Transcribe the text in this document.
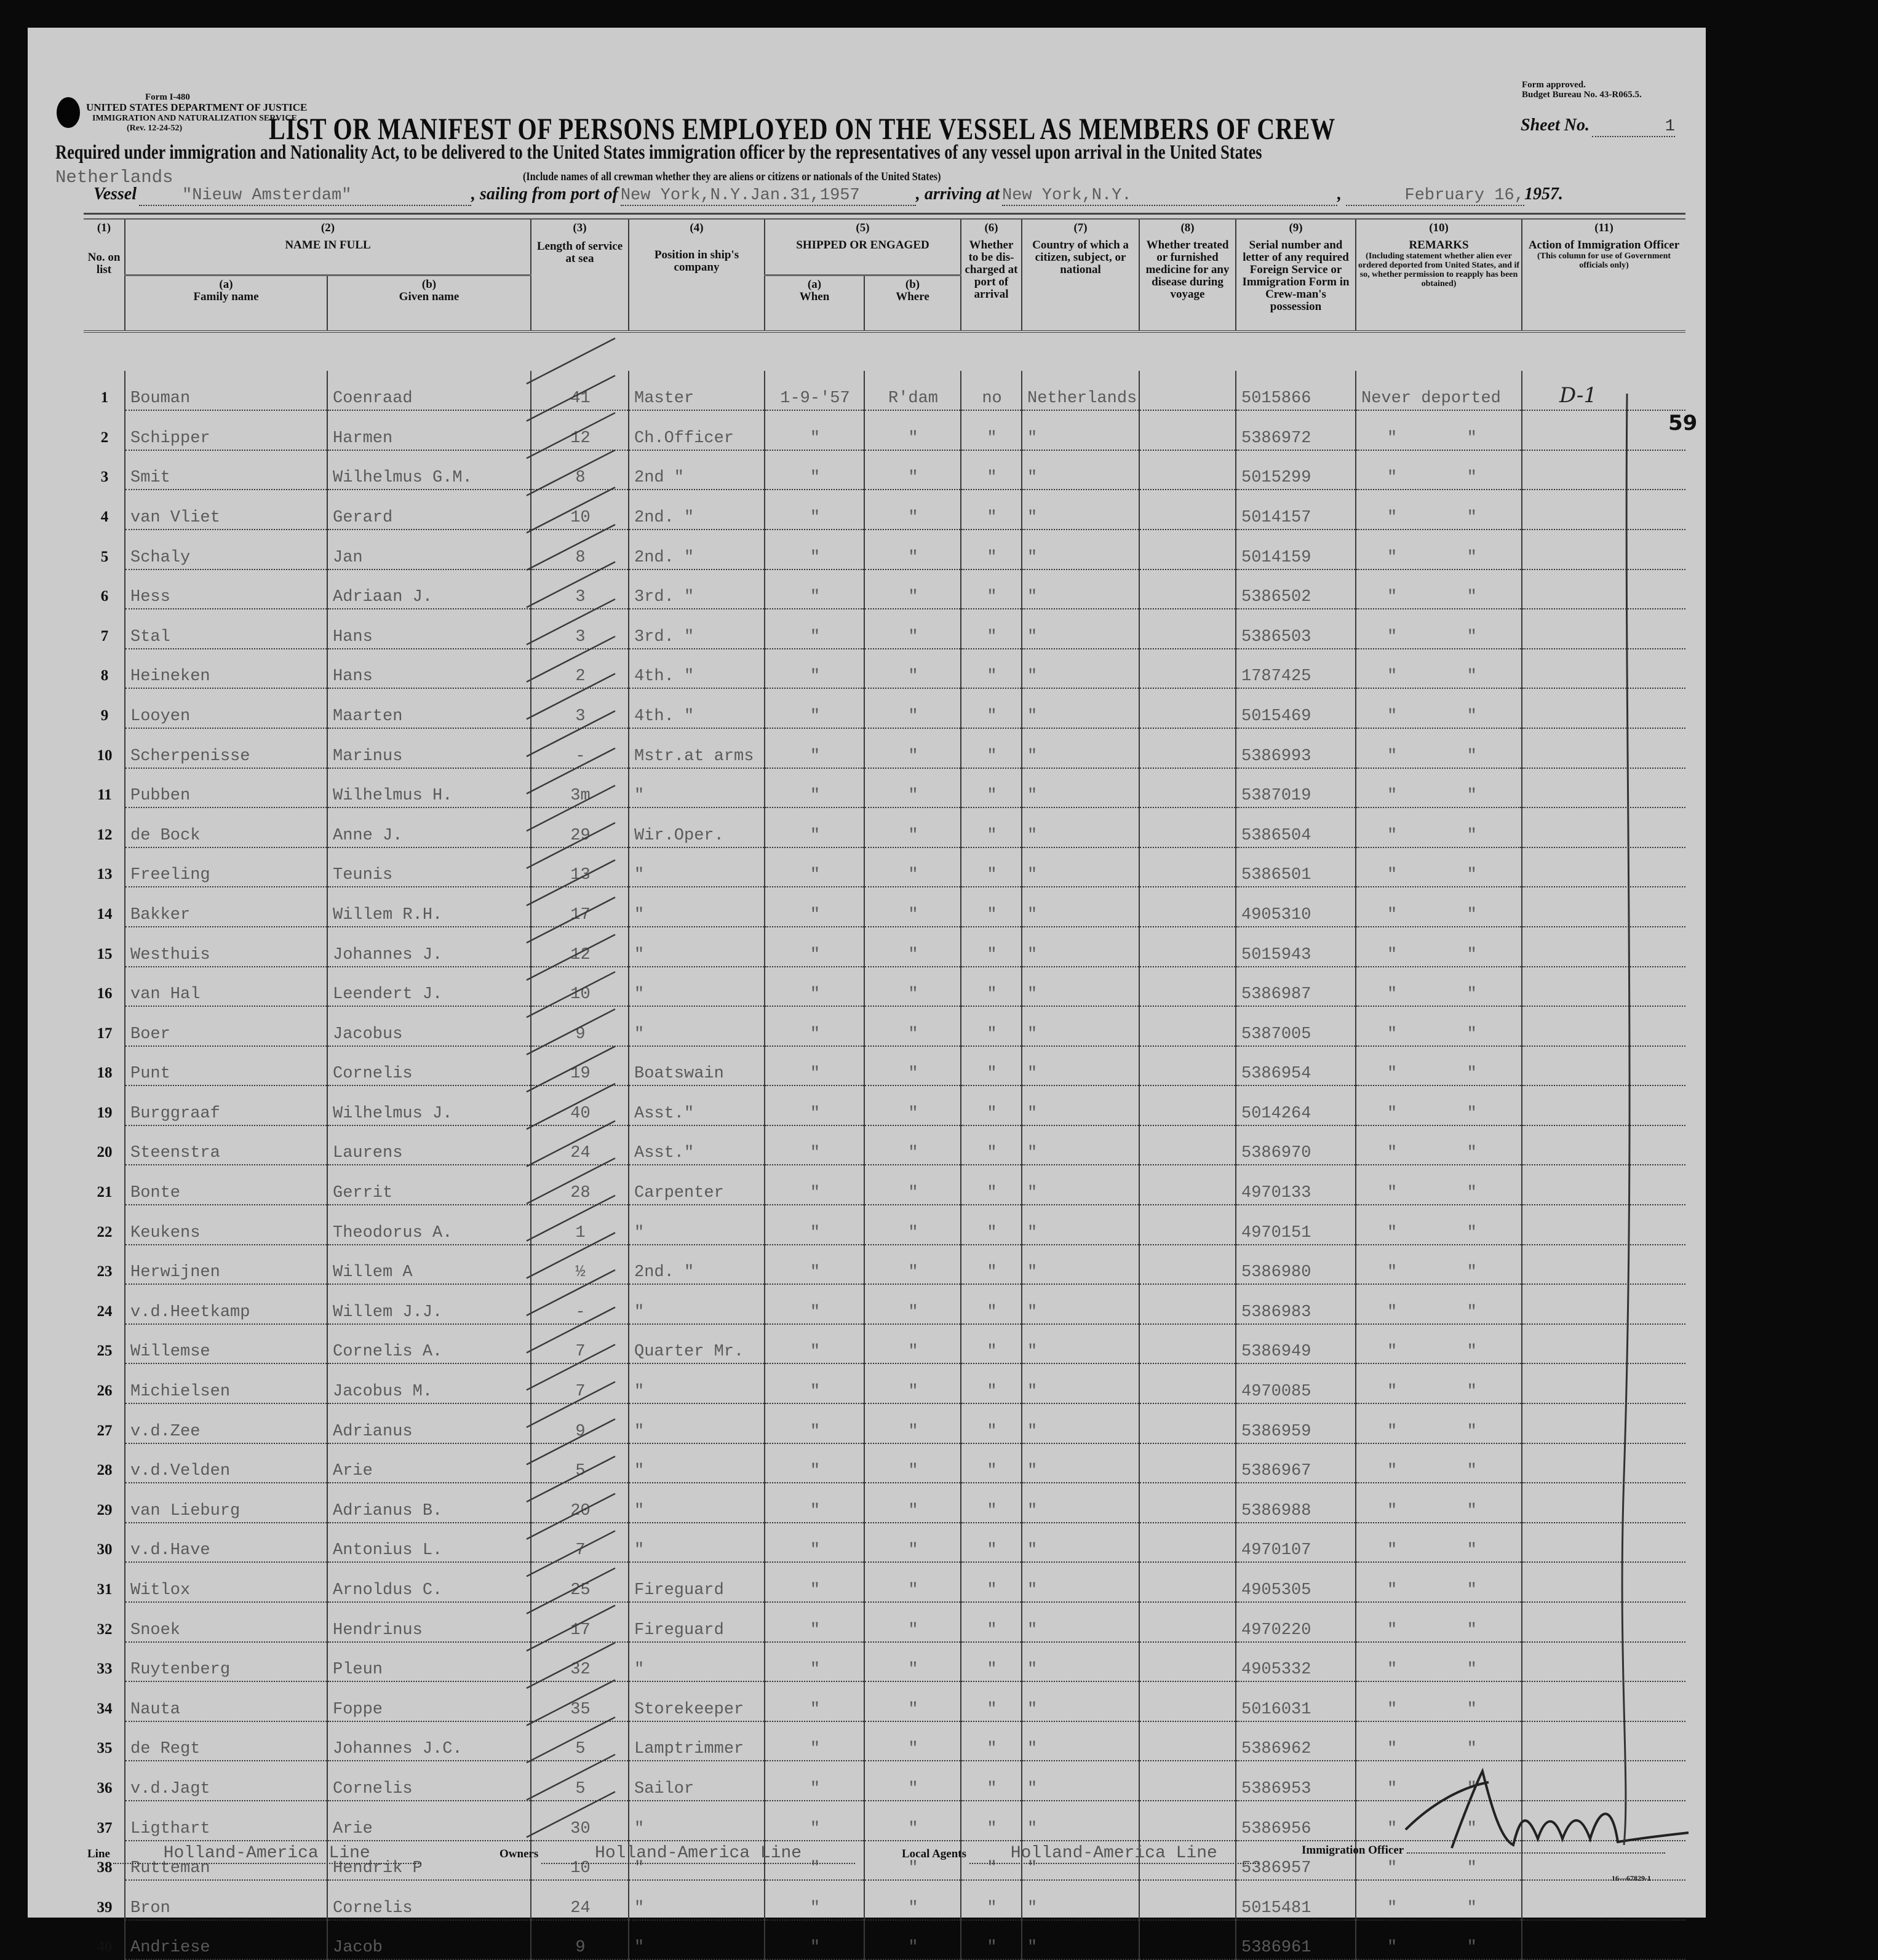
Form I-480
UNITED STATES DEPARTMENT OF JUSTICE
IMMIGRATION AND NATURALIZATION SERVICE
(Rev. 12-24-52)
Form approved.
Budget Bureau No. 43-R065.5.
LIST OR MANIFEST OF PERSONS EMPLOYED ON THE VESSEL AS MEMBERS OF CREW	Sheet No.	1
Required under immigration and Nationality Act, to be delivered to the United States immigration officer by the representatives of any vessel upon arrival in the United States
Netherlands	(Include names of all crewman whether they are aliens or citizens or nationals of the United States)
Vessel	"Nieuw Amsterdam"	, sailing from port of New York,N.Y.Jan.31,1957	, arriving at New York,N.Y.	,	February 16,1957.
(1)
No. on list	(2)
NAME IN FULL		(3)
Length of service at sea	(4)
Position in ship's company	(5)
SHIPPED OR ENGAGED		(6)
Whether to be dis-charged at port of arrival	(7)
Country of which a citizen, subject, or national	(8)
Whether treated or furnished medicine for any disease during voyage	(9)
Serial number and letter of any required Foreign Service or Immigration Form in Crew-man's possession	(10)
REMARKS
(Including statement whether alien ever ordered deported from United States, and if so, whether permission to reapply has been obtained)	(11)
Action of Immigration Officer
(This column for use of Government officials only)

	(a)
Family name	(b)
Given name			(a)
When	(b)
Where						

1	Bouman	Coenraad	41	Master	1-9-'57	R'dam	no	Netherlands		5015866	Never deported	D-1
2	Schipper	Harmen	12	Ch.Officer	"	"	"	"		5386972	"       "	
3	Smit	Wilhelmus G.M.	8	2nd "	"	"	"	"		5015299	"       "	
4	van Vliet	Gerard	10	2nd. "	"	"	"	"		5014157	"       "	
5	Schaly	Jan	8	2nd. "	"	"	"	"		5014159	"       "	
6	Hess	Adriaan J.	3	3rd. "	"	"	"	"		5386502	"       "	
7	Stal	Hans	3	3rd. "	"	"	"	"		5386503	"       "	
8	Heineken	Hans	2	4th. "	"	"	"	"		1787425	"       "	
9	Looyen	Maarten	3	4th. "	"	"	"	"		5015469	"       "	
10	Scherpenisse	Marinus	-	Mstr.at arms	"	"	"	"		5386993	"       "	
11	Pubben	Wilhelmus H.	3m	"	"	"	"	"		5387019	"       "	
12	de Bock	Anne J.	29	Wir.Oper.	"	"	"	"		5386504	"       "	
13	Freeling	Teunis	13	"	"	"	"	"		5386501	"       "	
14	Bakker	Willem R.H.	17	"	"	"	"	"		4905310	"       "	
15	Westhuis	Johannes J.	12	"	"	"	"	"		5015943	"       "	
16	van Hal	Leendert J.	10	"	"	"	"	"		5386987	"       "	
17	Boer	Jacobus	9	"	"	"	"	"		5387005	"       "	
18	Punt	Cornelis	19	Boatswain	"	"	"	"		5386954	"       "	
19	Burggraaf	Wilhelmus J.	40	Asst."	"	"	"	"		5014264	"       "	
20	Steenstra	Laurens	24	Asst."	"	"	"	"		5386970	"       "	
21	Bonte	Gerrit	28	Carpenter	"	"	"	"		4970133	"       "	
22	Keukens	Theodorus A.	1	"	"	"	"	"		4970151	"       "	
23	Herwijnen	Willem A	½	2nd. "	"	"	"	"		5386980	"       "	
24	v.d.Heetkamp	Willem J.J.	-	"	"	"	"	"		5386983	"       "	
25	Willemse	Cornelis A.	7	Quarter Mr.	"	"	"	"		5386949	"       "	
26	Michielsen	Jacobus M.	7	"	"	"	"	"		4970085	"       "	
27	v.d.Zee	Adrianus	9	"	"	"	"	"		5386959	"       "	
28	v.d.Velden	Arie	5	"	"	"	"	"		5386967	"       "	
29	van Lieburg	Adrianus B.	20	"	"	"	"	"		5386988	"       "	
30	v.d.Have	Antonius L.	7	"	"	"	"	"		4970107	"       "	
31	Witlox	Arnoldus C.	25	Fireguard	"	"	"	"		4905305	"       "	
32	Snoek	Hendrinus	17	Fireguard	"	"	"	"		4970220	"       "	
33	Ruytenberg	Pleun	32	"	"	"	"	"		4905332	"       "	
34	Nauta	Foppe	35	Storekeeper	"	"	"	"		5016031	"       "	
35	de Regt	Johannes J.C.	5	Lamptrimmer	"	"	"	"		5386962	"       "	
36	v.d.Jagt	Cornelis	5	Sailor	"	"	"	"		5386953	"       "	
37	Ligthart	Arie	30	"	"	"	"	"		5386956	"       "	
38	Rutteman	Hendrik P	10	"	"	"	"	"		5386957	"       "	
39	Bron	Cornelis	24	"	"	"	"	"		5015481	"       "	
40	Andriese	Jacob	9	"	"	"	"	"		5386961	"       "	
59
Line	Holland-America Line	Owners	Holland-America Line	Local Agents	Holland-America Line	Immigration Officer
16—67829-1
